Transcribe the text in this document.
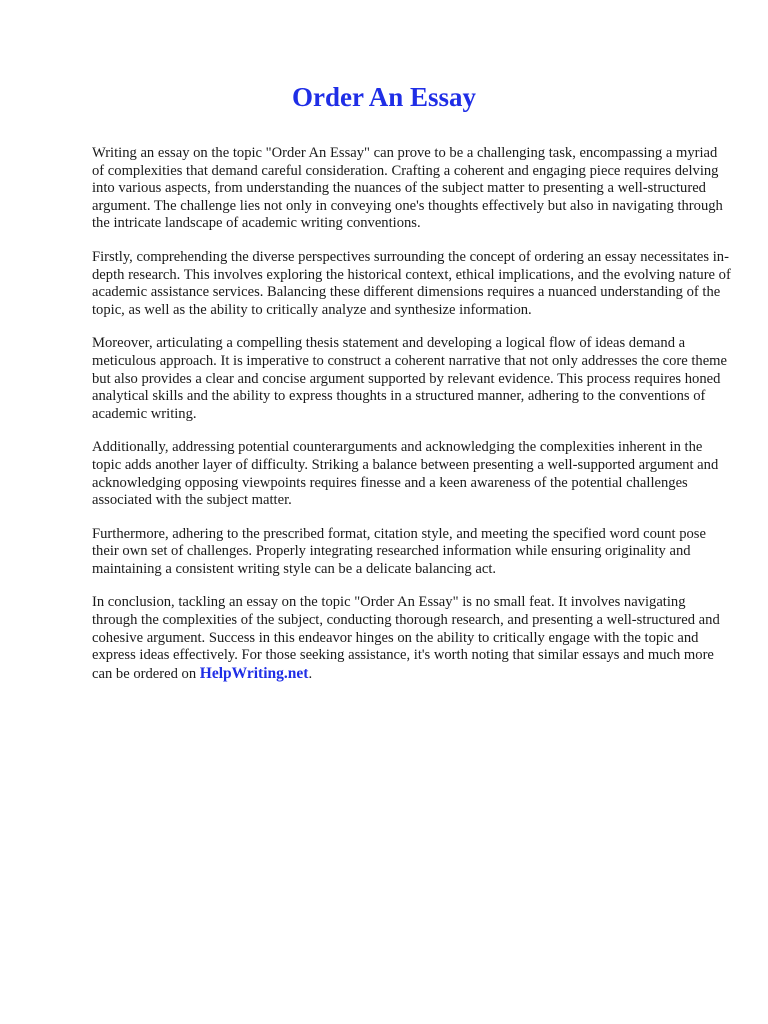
Order An Essay

Writing an essay on the topic "Order An Essay" can prove to be a challenging task, encompassing a myriad of complexities that demand careful consideration. Crafting a coherent and engaging piece requires delving into various aspects, from understanding the nuances of the subject matter to presenting a well-structured argument. The challenge lies not only in conveying one's thoughts effectively but also in navigating through the intricate landscape of academic writing conventions.

Firstly, comprehending the diverse perspectives surrounding the concept of ordering an essay necessitates in-depth research. This involves exploring the historical context, ethical implications, and the evolving nature of academic assistance services. Balancing these different dimensions requires a nuanced understanding of the topic, as well as the ability to critically analyze and synthesize information.

Moreover, articulating a compelling thesis statement and developing a logical flow of ideas demand a meticulous approach. It is imperative to construct a coherent narrative that not only addresses the core theme but also provides a clear and concise argument supported by relevant evidence. This process requires honed analytical skills and the ability to express thoughts in a structured manner, adhering to the conventions of academic writing.

Additionally, addressing potential counterarguments and acknowledging the complexities inherent in the topic adds another layer of difficulty. Striking a balance between presenting a well-supported argument and acknowledging opposing viewpoints requires finesse and a keen awareness of the potential challenges associated with the subject matter.

Furthermore, adhering to the prescribed format, citation style, and meeting the specified word count pose their own set of challenges. Properly integrating researched information while ensuring originality and maintaining a consistent writing style can be a delicate balancing act.

In conclusion, tackling an essay on the topic "Order An Essay" is no small feat. It involves navigating through the complexities of the subject, conducting thorough research, and presenting a well-structured and cohesive argument. Success in this endeavor hinges on the ability to critically engage with the topic and express ideas effectively. For those seeking assistance, it's worth noting that similar essays and much more can be ordered on HelpWriting.net.
